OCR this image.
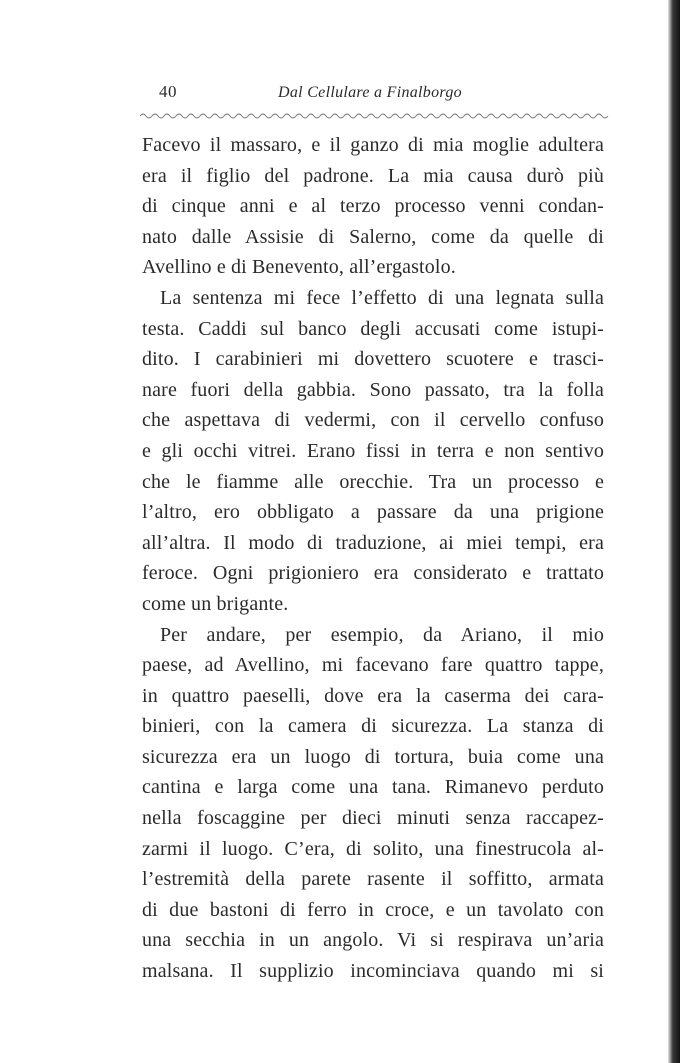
40	Dal Cellulare a Finalborgo
Facevo il massaro, e il ganzo di mia moglie adultera
era il figlio del padrone. La mia causa durò più
di cinque anni e al terzo processo venni condan-
nato dalle Assisie di Salerno, come da quelle di
Avellino e di Benevento, all’ergastolo.
La sentenza mi fece l’effetto di una legnata sulla
testa. Caddi sul banco degli accusati come istupi-
dito. I carabinieri mi dovettero scuotere e trasci-
nare fuori della gabbia. Sono passato, tra la folla
che aspettava di vedermi, con il cervello confuso
e gli occhi vitrei. Erano fissi in terra e non sentivo
che le fiamme alle orecchie. Tra un processo e
l’altro, ero obbligato a passare da una prigione
all’altra. Il modo di traduzione, ai miei tempi, era
feroce. Ogni prigioniero era considerato e trattato
come un brigante.
Per andare, per esempio, da Ariano, il mio
paese, ad Avellino, mi facevano fare quattro tappe,
in quattro paeselli, dove era la caserma dei cara-
binieri, con la camera di sicurezza. La stanza di
sicurezza era un luogo di tortura, buia come una
cantina e larga come una tana. Rimanevo perduto
nella foscaggine per dieci minuti senza raccapez-
zarmi il luogo. C’era, di solito, una finestrucola al-
l’estremità della parete rasente il soffitto, armata
di due bastoni di ferro in croce, e un tavolato con
una secchia in un angolo. Vi si respirava un’aria
malsana. Il supplizio incominciava quando mi si
